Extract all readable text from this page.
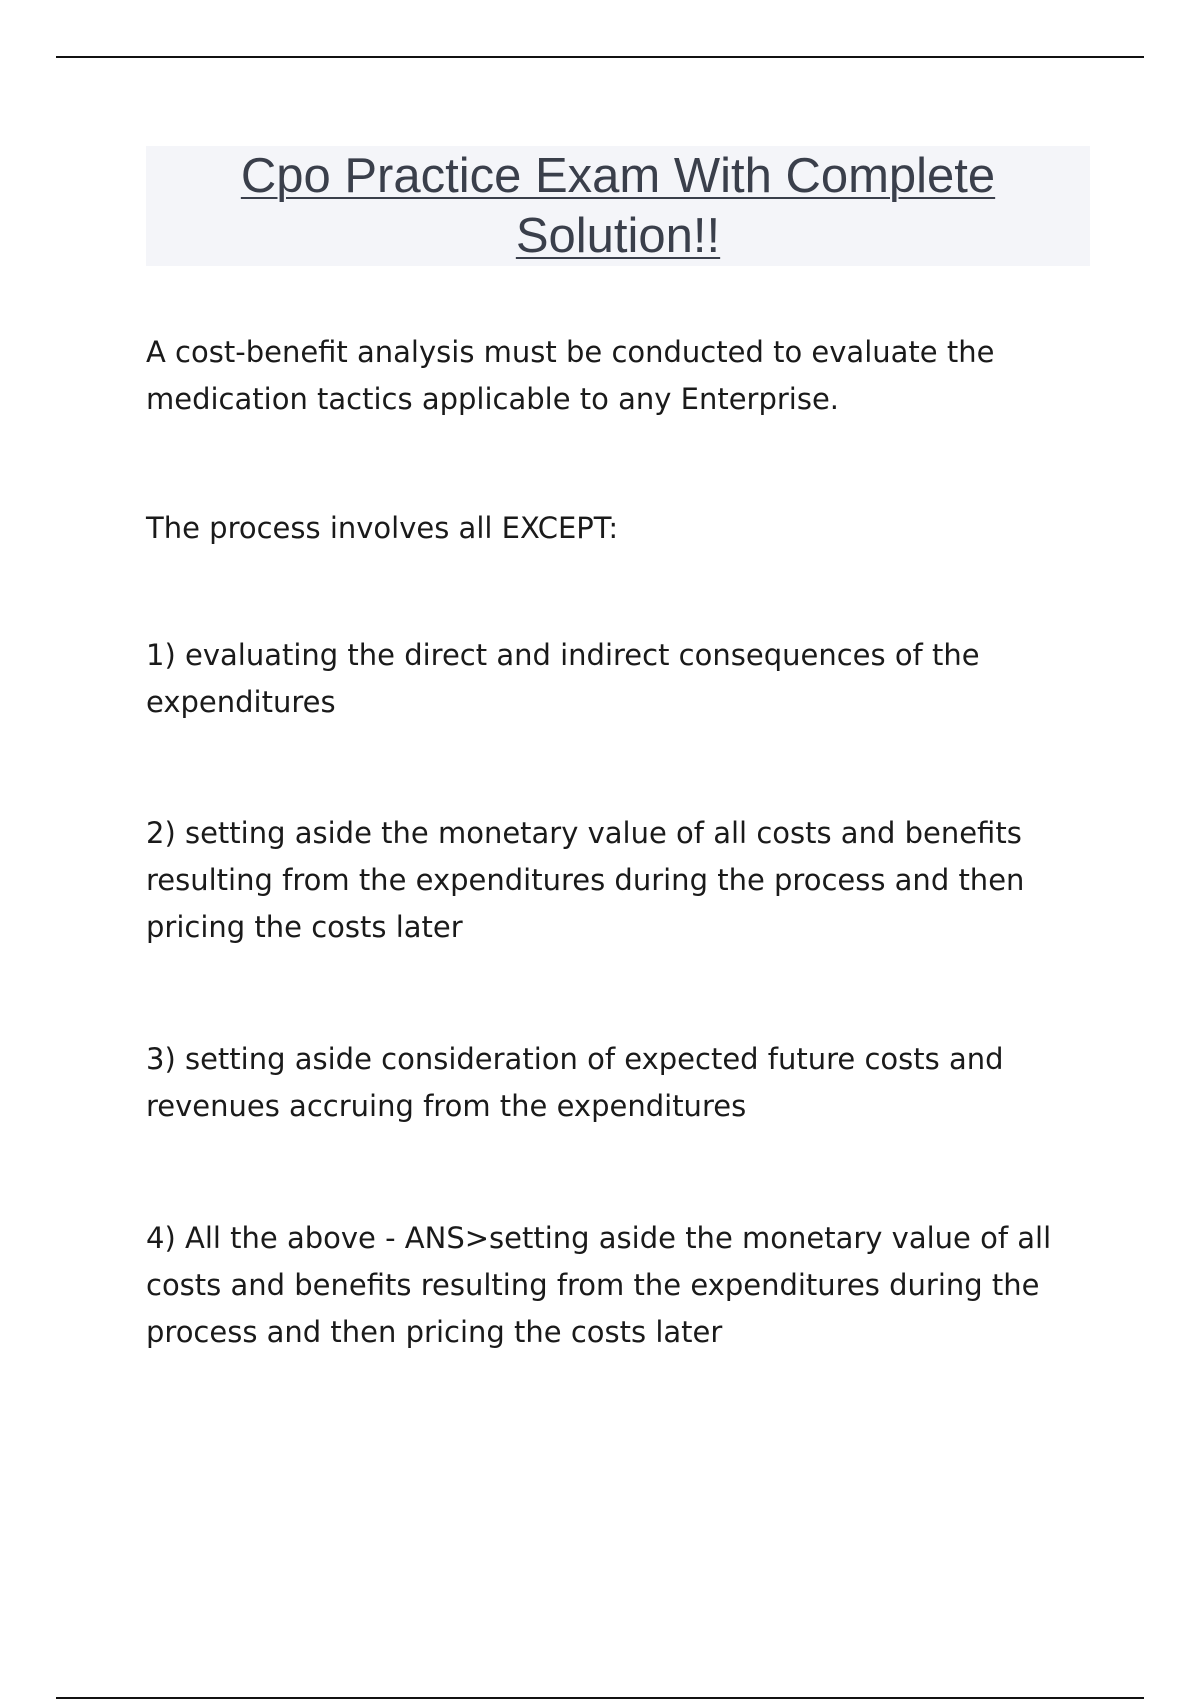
Cpo Practice Exam With Complete
Solution!!

A cost-benefit analysis must be conducted to evaluate the medication tactics applicable to any Enterprise.

The process involves all EXCEPT:

1) evaluating the direct and indirect consequences of the expenditures

2) setting aside the monetary value of all costs and benefits resulting from the expenditures during the process and then pricing the costs later

3) setting aside consideration of expected future costs and revenues accruing from the expenditures

4) All the above - ANS>setting aside the monetary value of all costs and benefits resulting from the expenditures during the process and then pricing the costs later
